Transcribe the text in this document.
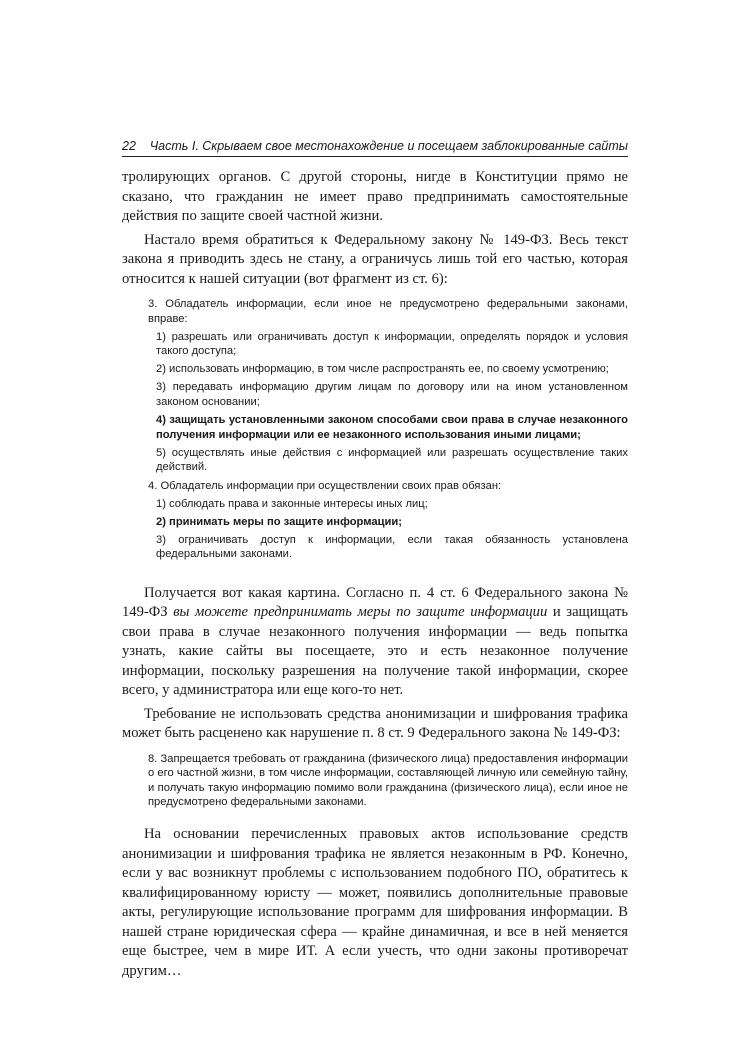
22	Часть I. Скрываем свое местонахождение и посещаем заблокированные сайты

тролирующих органов. С другой стороны, нигде в Конституции прямо не сказано, что гражданин не имеет право предпринимать самостоятельные действия по защите своей частной жизни.

Настало время обратиться к Федеральному закону № 149-ФЗ. Весь текст закона я приводить здесь не стану, а ограничусь лишь той его частью, которая относится к нашей ситуации (вот фрагмент из ст. 6):

3. Обладатель информации, если иное не предусмотрено федеральными законами, вправе:

1) разрешать или ограничивать доступ к информации, определять порядок и условия такого доступа;

2) использовать информацию, в том числе распространять ее, по своему усмотрению;

3) передавать информацию другим лицам по договору или на ином установленном законом основании;

4) защищать установленными законом способами свои права в случае незаконного получения информации или ее незаконного использования иными лицами;

5) осуществлять иные действия с информацией или разрешать осуществление таких действий.

4. Обладатель информации при осуществлении своих прав обязан:

1) соблюдать права и законные интересы иных лиц;

2) принимать меры по защите информации;

3) ограничивать доступ к информации, если такая обязанность установлена федеральными законами.

Получается вот какая картина. Согласно п. 4 ст. 6 Федерального закона № 149-ФЗ вы можете предпринимать меры по защите информации и защищать свои права в случае незаконного получения информации — ведь попытка узнать, какие сайты вы посещаете, это и есть незаконное получение информации, поскольку разрешения на получение такой информации, скорее всего, у администратора или еще кого-то нет.

Требование не использовать средства анонимизации и шифрования трафика может быть расценено как нарушение п. 8 ст. 9 Федерального закона № 149-ФЗ:

8. Запрещается требовать от гражданина (физического лица) предоставления информации о его частной жизни, в том числе информации, составляющей личную или семейную тайну, и получать такую информацию помимо воли гражданина (физического лица), если иное не предусмотрено федеральными законами.

На основании перечисленных правовых актов использование средств анонимизации и шифрования трафика не является незаконным в РФ. Конечно, если у вас возникнут проблемы с использованием подобного ПО, обратитесь к квалифицированному юристу — может, появились дополнительные правовые акты, регулирующие использование программ для шифрования информации. В нашей стране юридическая сфера — крайне динамичная, и все в ней меняется еще быстрее, чем в мире ИТ. А если учесть, что одни законы противоречат другим…
